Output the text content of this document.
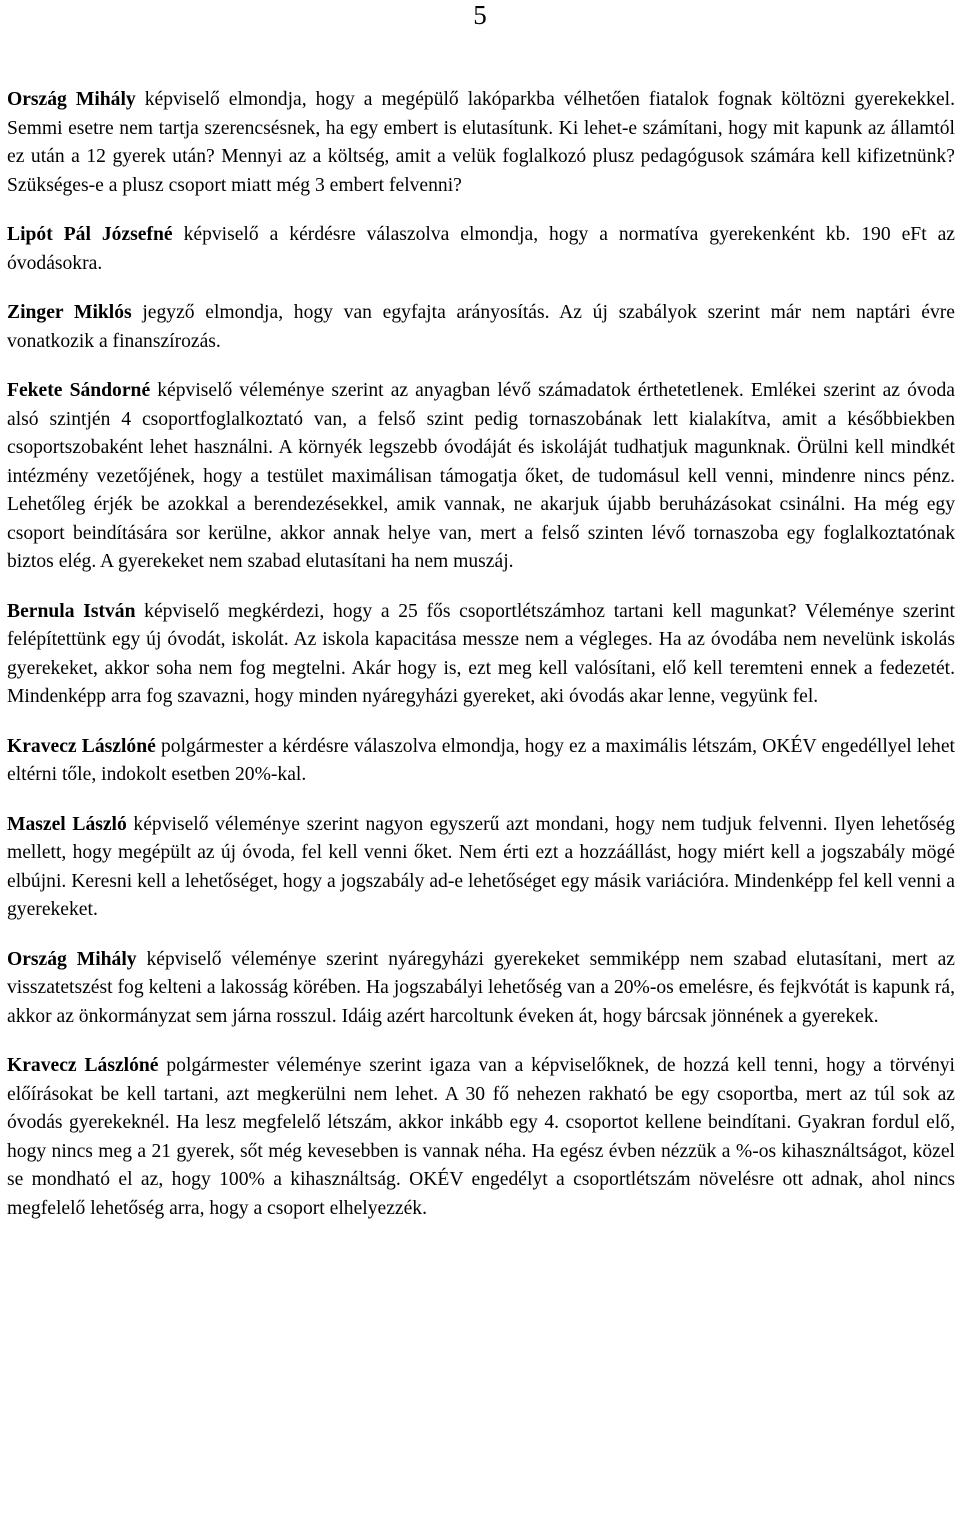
5

Ország Mihály képviselő elmondja, hogy a megépülő lakóparkba vélhetően fiatalok fognak költözni gyerekekkel. Semmi esetre nem tartja szerencsésnek, ha egy embert is elutasítunk. Ki lehet-e számítani, hogy mit kapunk az államtól ez után a 12 gyerek után? Mennyi az a költség, amit a velük foglalkozó plusz pedagógusok számára kell kifizetnünk? Szükséges-e a plusz csoport miatt még 3 embert felvenni?

Lipót Pál Józsefné képviselő a kérdésre válaszolva elmondja, hogy a normatíva gyerekenként kb. 190 eFt az óvodásokra.

Zinger Miklós jegyző elmondja, hogy van egyfajta arányosítás. Az új szabályok szerint már nem naptári évre vonatkozik a finanszírozás.

Fekete Sándorné képviselő véleménye szerint az anyagban lévő számadatok érthetetlenek. Emlékei szerint az óvoda alsó szintjén 4 csoportfoglalkoztató van, a felső szint pedig tornaszobának lett kialakítva, amit a későbbiekben csoportszobaként lehet használni. A környék legszebb óvodáját és iskoláját tudhatjuk magunknak. Örülni kell mindkét intézmény vezetőjének, hogy a testület maximálisan támogatja őket, de tudomásul kell venni, mindenre nincs pénz. Lehetőleg érjék be azokkal a berendezésekkel, amik vannak, ne akarjuk újabb beruházásokat csinálni. Ha még egy csoport beindítására sor kerülne, akkor annak helye van, mert a felső szinten lévő tornaszoba egy foglalkoztatónak biztos elég. A gyerekeket nem szabad elutasítani ha nem muszáj.

Bernula István képviselő megkérdezi, hogy a 25 fős csoportlétszámhoz tartani kell magunkat? Véleménye szerint felépítettünk egy új óvodát, iskolát. Az iskola kapacitása messze nem a végleges. Ha az óvodába nem nevelünk iskolás gyerekeket, akkor soha nem fog megtelni. Akár hogy is, ezt meg kell valósítani, elő kell teremteni ennek a fedezetét. Mindenképp arra fog szavazni, hogy minden nyáregyházi gyereket, aki óvodás akar lenne, vegyünk fel.

Kravecz Lászlóné polgármester a kérdésre válaszolva elmondja, hogy ez a maximális létszám, OKÉV engedéllyel lehet eltérni tőle, indokolt esetben 20%-kal.

Maszel László képviselő véleménye szerint nagyon egyszerű azt mondani, hogy nem tudjuk felvenni. Ilyen lehetőség mellett, hogy megépült az új óvoda, fel kell venni őket. Nem érti ezt a hozzáállást, hogy miért kell a jogszabály mögé elbújni. Keresni kell a lehetőséget, hogy a jogszabály ad-e lehetőséget egy másik variációra. Mindenképp fel kell venni a gyerekeket.

Ország Mihály képviselő véleménye szerint nyáregyházi gyerekeket semmiképp nem szabad elutasítani, mert az visszatetszést fog kelteni a lakosság körében. Ha jogszabályi lehetőség van a 20%-os emelésre, és fejkvótát is kapunk rá, akkor az önkormányzat sem járna rosszul. Idáig azért harcoltunk éveken át, hogy bárcsak jönnének a gyerekek.

Kravecz Lászlóné polgármester véleménye szerint igaza van a képviselőknek, de hozzá kell tenni, hogy a törvényi előírásokat be kell tartani, azt megkerülni nem lehet. A 30 fő nehezen rakható be egy csoportba, mert az túl sok az óvodás gyerekeknél. Ha lesz megfelelő létszám, akkor inkább egy 4. csoportot kellene beindítani. Gyakran fordul elő, hogy nincs meg a 21 gyerek, sőt még kevesebben is vannak néha. Ha egész évben nézzük a %-os kihasználtságot, közel se mondható el az, hogy 100% a kihasználtság. OKÉV engedélyt a csoportlétszám növelésre ott adnak, ahol nincs megfelelő lehetőség arra, hogy a csoport elhelyezzék.
